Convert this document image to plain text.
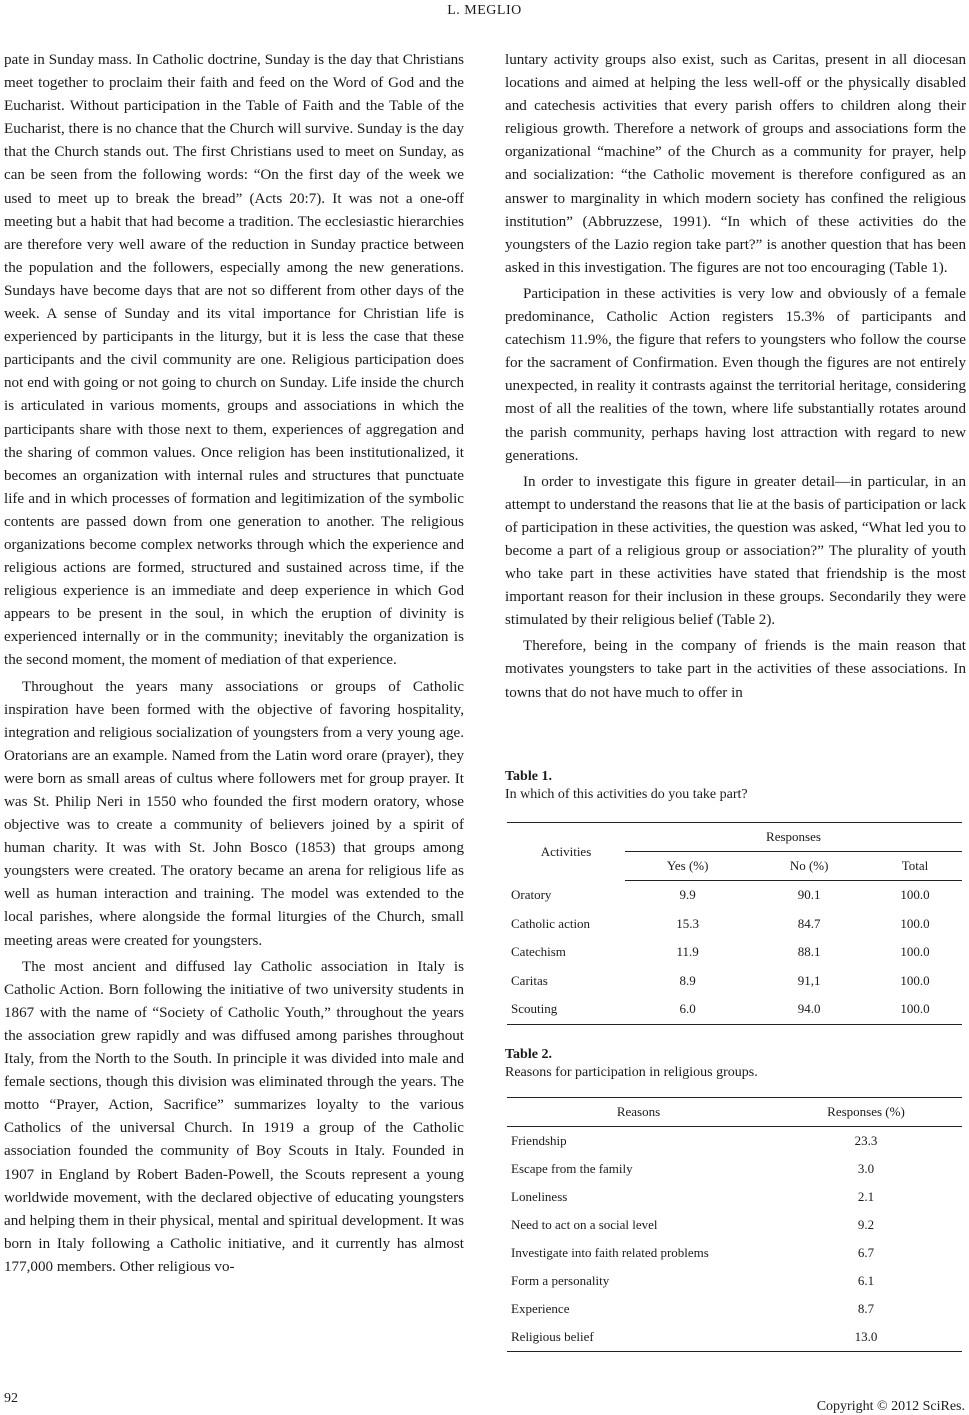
L. MEGLIO

pate in Sunday mass. In Catholic doctrine, Sunday is the day that Christians meet together to proclaim their faith and feed on the Word of God and the Eucharist. Without participation in the Table of Faith and the Table of the Eucharist, there is no chance that the Church will survive. Sunday is the day that the Church stands out. The first Christians used to meet on Sunday, as can be seen from the following words: “On the first day of the week we used to meet up to break the bread” (Acts 20:7). It was not a one-off meeting but a habit that had become a tradition. The ecclesiastic hierarchies are therefore very well aware of the reduction in Sunday practice between the population and the followers, especially among the new generations. Sundays have become days that are not so different from other days of the week. A sense of Sunday and its vital importance for Christian life is experienced by participants in the liturgy, but it is less the case that these participants and the civil community are one. Religious participation does not end with going or not going to church on Sunday. Life inside the church is articulated in various moments, groups and associations in which the participants share with those next to them, experiences of aggregation and the sharing of common values. Once religion has been institutionalized, it becomes an organization with internal rules and structures that punctuate life and in which processes of formation and legitimization of the symbolic contents are passed down from one generation to another. The religious organizations become complex networks through which the experience and religious actions are formed, structured and sustained across time, if the religious experience is an immediate and deep experience in which God appears to be present in the soul, in which the eruption of divinity is experienced internally or in the community; inevitably the organization is the second moment, the moment of mediation of that experience.

Throughout the years many associations or groups of Catholic inspiration have been formed with the objective of favoring hospitality, integration and religious socialization of youngsters from a very young age. Oratorians are an example. Named from the Latin word orare (prayer), they were born as small areas of cultus where followers met for group prayer. It was St. Philip Neri in 1550 who founded the first modern oratory, whose objective was to create a community of believers joined by a spirit of human charity. It was with St. John Bosco (1853) that groups among youngsters were created. The oratory became an arena for religious life as well as human interaction and training. The model was extended to the local parishes, where alongside the formal liturgies of the Church, small meeting areas were created for youngsters.

The most ancient and diffused lay Catholic association in Italy is Catholic Action. Born following the initiative of two university students in 1867 with the name of “Society of Catholic Youth,” throughout the years the association grew rapidly and was diffused among parishes throughout Italy, from the North to the South. In principle it was divided into male and female sections, though this division was eliminated through the years. The motto “Prayer, Action, Sacrifice” summarizes loyalty to the various Catholics of the universal Church. In 1919 a group of the Catholic association founded the community of Boy Scouts in Italy. Founded in 1907 in England by Robert Baden-Powell, the Scouts represent a young worldwide movement, with the declared objective of educating youngsters and helping them in their physical, mental and spiritual development. It was born in Italy following a Catholic initiative, and it currently has almost 177,000 members. Other religious vo-

luntary activity groups also exist, such as Caritas, present in all diocesan locations and aimed at helping the less well-off or the physically disabled and catechesis activities that every parish offers to children along their religious growth. Therefore a network of groups and associations form the organizational “machine” of the Church as a community for prayer, help and socialization: “the Catholic movement is therefore configured as an answer to marginality in which modern society has confined the religious institution” (Abbruzzese, 1991). “In which of these activities do the youngsters of the Lazio region take part?” is another question that has been asked in this investigation. The figures are not too encouraging (Table 1).

Participation in these activities is very low and obviously of a female predominance, Catholic Action registers 15.3% of participants and catechism 11.9%, the figure that refers to youngsters who follow the course for the sacrament of Confirmation. Even though the figures are not entirely unexpected, in reality it contrasts against the territorial heritage, considering most of all the realities of the town, where life substantially rotates around the parish community, perhaps having lost attraction with regard to new generations.

In order to investigate this figure in greater detail—in particular, in an attempt to understand the reasons that lie at the basis of participation or lack of participation in these activities, the question was asked, “What led you to become a part of a religious group or association?” The plurality of youth who take part in these activities have stated that friendship is the most important reason for their inclusion in these groups. Secondarily they were stimulated by their religious belief (Table 2).

Therefore, being in the company of friends is the main reason that motivates youngsters to take part in the activities of these associations. In towns that do not have much to offer in

Table 1.
In which of this activities do you take part?
Activities	Responses		
	Yes (%)	No (%)	Total
Oratory	9.9	90.1	100.0
Catholic action	15.3	84.7	100.0
Catechism	11.9	88.1	100.0
Caritas	8.9	91,1	100.0
Scouting	6.0	94.0	100.0
Table 2.
Reasons for participation in religious groups.
Reasons	Responses (%)
Friendship	23.3
Escape from the family	3.0
Loneliness	2.1
Need to act on a social level	9.2
Investigate into faith related problems	6.7
Form a personality	6.1
Experience	8.7
Religious belief	13.0
92
Copyright © 2012 SciRes.
